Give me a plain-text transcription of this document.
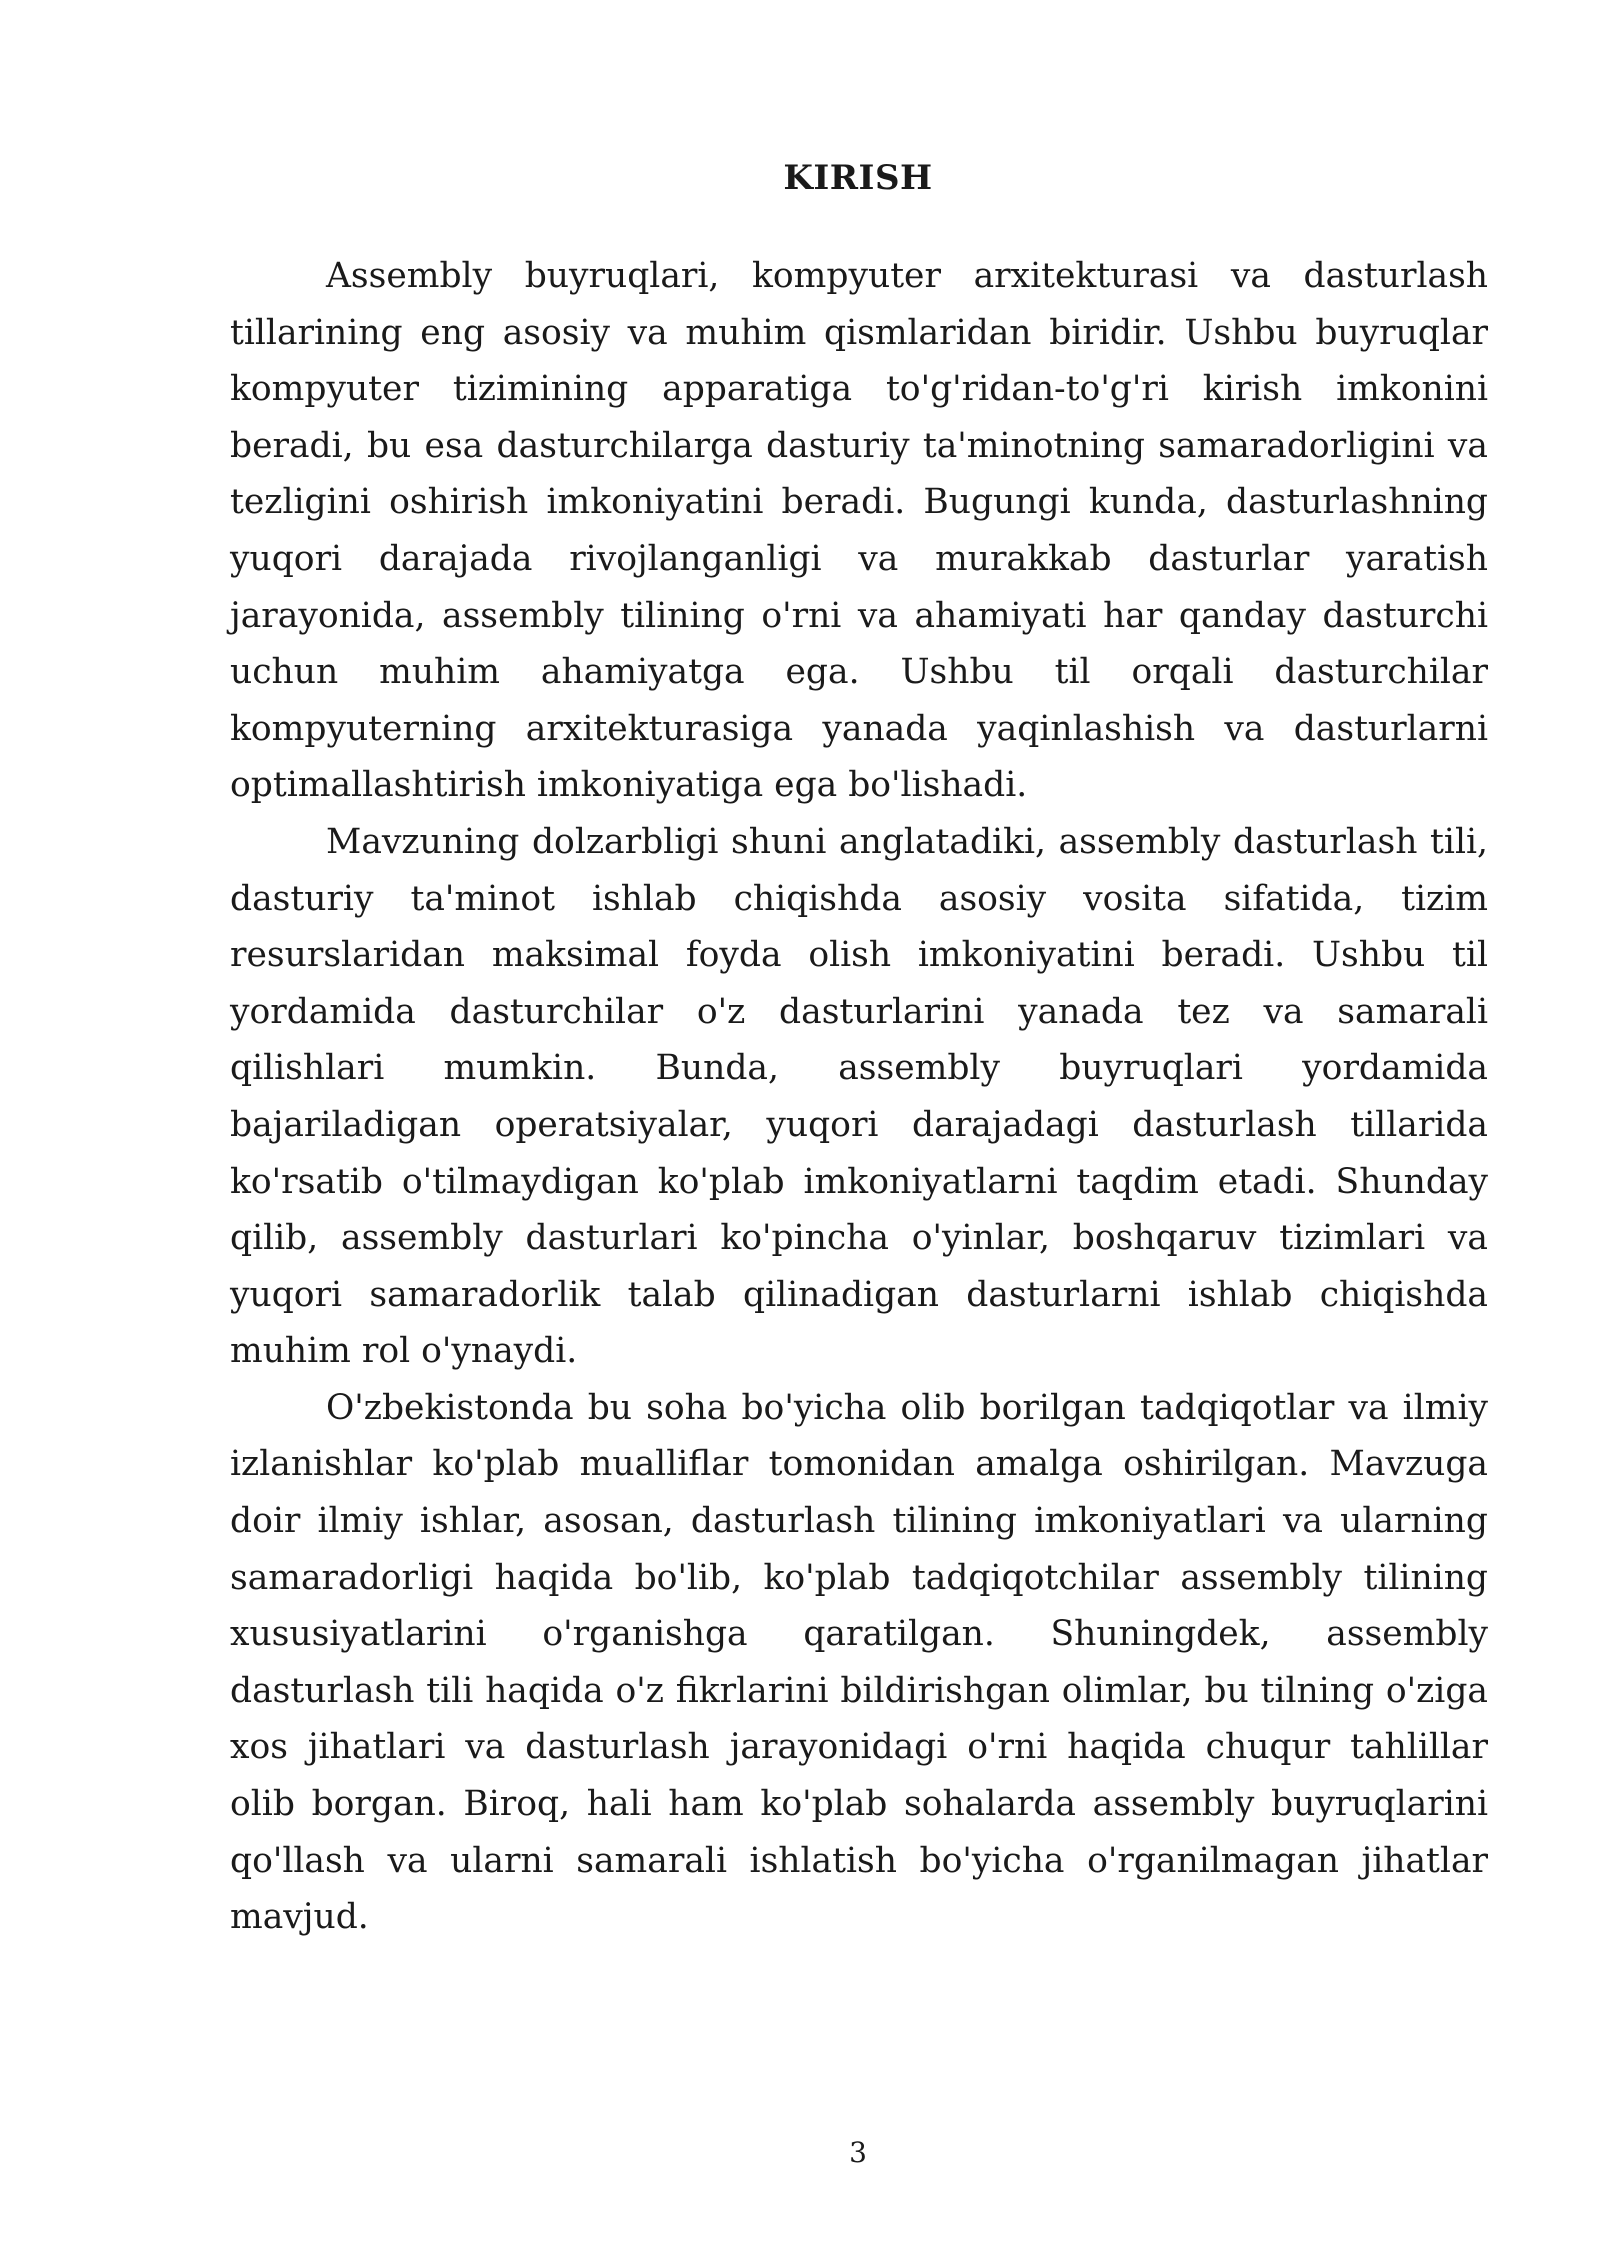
KIRISH

Assembly buyruqlari, kompyuter arxitekturasi va dasturlash tillarining eng asosiy va muhim qismlaridan biridir. Ushbu buyruqlar kompyuter tizimining apparatiga to'g'ridan-to'g'ri kirish imkonini beradi, bu esa dasturchilarga dasturiy ta'minotning samaradorligini va tezligini oshirish imkoniyatini beradi. Bugungi kunda, dasturlashning yuqori darajada rivojlanganligi va murakkab dasturlar yaratish jarayonida, assembly tilining o'rni va ahamiyati har qanday dasturchi uchun muhim ahamiyatga ega. Ushbu til orqali dasturchilar kompyuterning arxitekturasiga yanada yaqinlashish va dasturlarni optimallashtirish imkoniyatiga ega bo'lishadi.

Mavzuning dolzarbligi shuni anglatadiki, assembly dasturlash tili, dasturiy ta'minot ishlab chiqishda asosiy vosita sifatida, tizim resurslaridan maksimal foyda olish imkoniyatini beradi. Ushbu til yordamida dasturchilar o'z dasturlarini yanada tez va samarali qilishlari mumkin. Bunda, assembly buyruqlari yordamida bajariladigan operatsiyalar, yuqori darajadagi dasturlash tillarida ko'rsatib o'tilmaydigan ko'plab imkoniyatlarni taqdim etadi. Shunday qilib, assembly dasturlari ko'pincha o'yinlar, boshqaruv tizimlari va yuqori samaradorlik talab qilinadigan dasturlarni ishlab chiqishda muhim rol o'ynaydi.

O'zbekistonda bu soha bo'yicha olib borilgan tadqiqotlar va ilmiy izlanishlar ko'plab mualliflar tomonidan amalga oshirilgan. Mavzuga doir ilmiy ishlar, asosan, dasturlash tilining imkoniyatlari va ularning samaradorligi haqida bo'lib, ko'plab tadqiqotchilar assembly tilining xususiyatlarini o'rganishga qaratilgan. Shuningdek, assembly dasturlash tili haqida o'z fikrlarini bildirishgan olimlar, bu tilning o'ziga xos jihatlari va dasturlash jarayonidagi o'rni haqida chuqur tahlillar olib borgan. Biroq, hali ham ko'plab sohalarda assembly buyruqlarini qo'llash va ularni samarali ishlatish bo'yicha o'rganilmagan jihatlar mavjud.

3
